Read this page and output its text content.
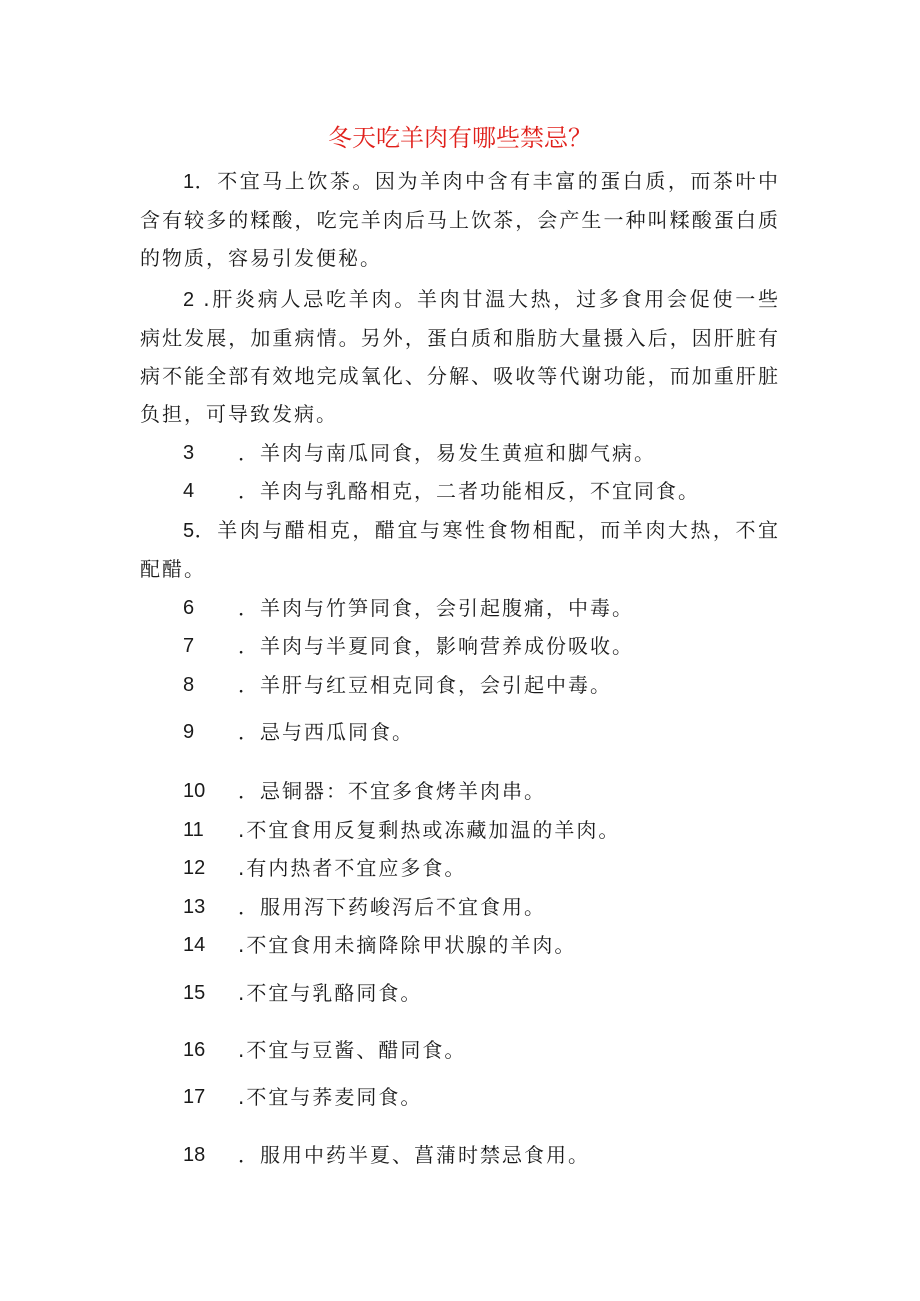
冬天吃羊肉有哪些禁忌？
1．不宜马上饮茶。因为羊肉中含有丰富的蛋白质，而茶叶中含有较多的糅酸，吃完羊肉后马上饮茶，会产生一种叫糅酸蛋白质的物质，容易引发便秘。
2 .肝炎病人忌吃羊肉。羊肉甘温大热，过多食用会促使一些病灶发展，加重病情。另外，蛋白质和脂肪大量摄入后，因肝脏有病不能全部有效地完成氧化、分解、吸收等代谢功能，而加重肝脏负担，可导致发病。
3 ．羊肉与南瓜同食，易发生黄疸和脚气病。
4 ．羊肉与乳酪相克，二者功能相反，不宜同食。
5．羊肉与醋相克，醋宜与寒性食物相配，而羊肉大热，不宜配醋。
6 ．羊肉与竹笋同食，会引起腹痛，中毒。
7 ．羊肉与半夏同食，影响营养成份吸收。
8 ．羊肝与红豆相克同食，会引起中毒。
9 ．忌与西瓜同食。
10 ．忌铜器：不宜多食烤羊肉串。
11 .不宜食用反复剩热或冻藏加温的羊肉。
12 .有内热者不宜应多食。
13 ．服用泻下药峻泻后不宜食用。
14 .不宜食用未摘降除甲状腺的羊肉。
15 .不宜与乳酪同食。
16 .不宜与豆酱、醋同食。
17 .不宜与荞麦同食。
18 ．服用中药半夏、菖蒲时禁忌食用。
